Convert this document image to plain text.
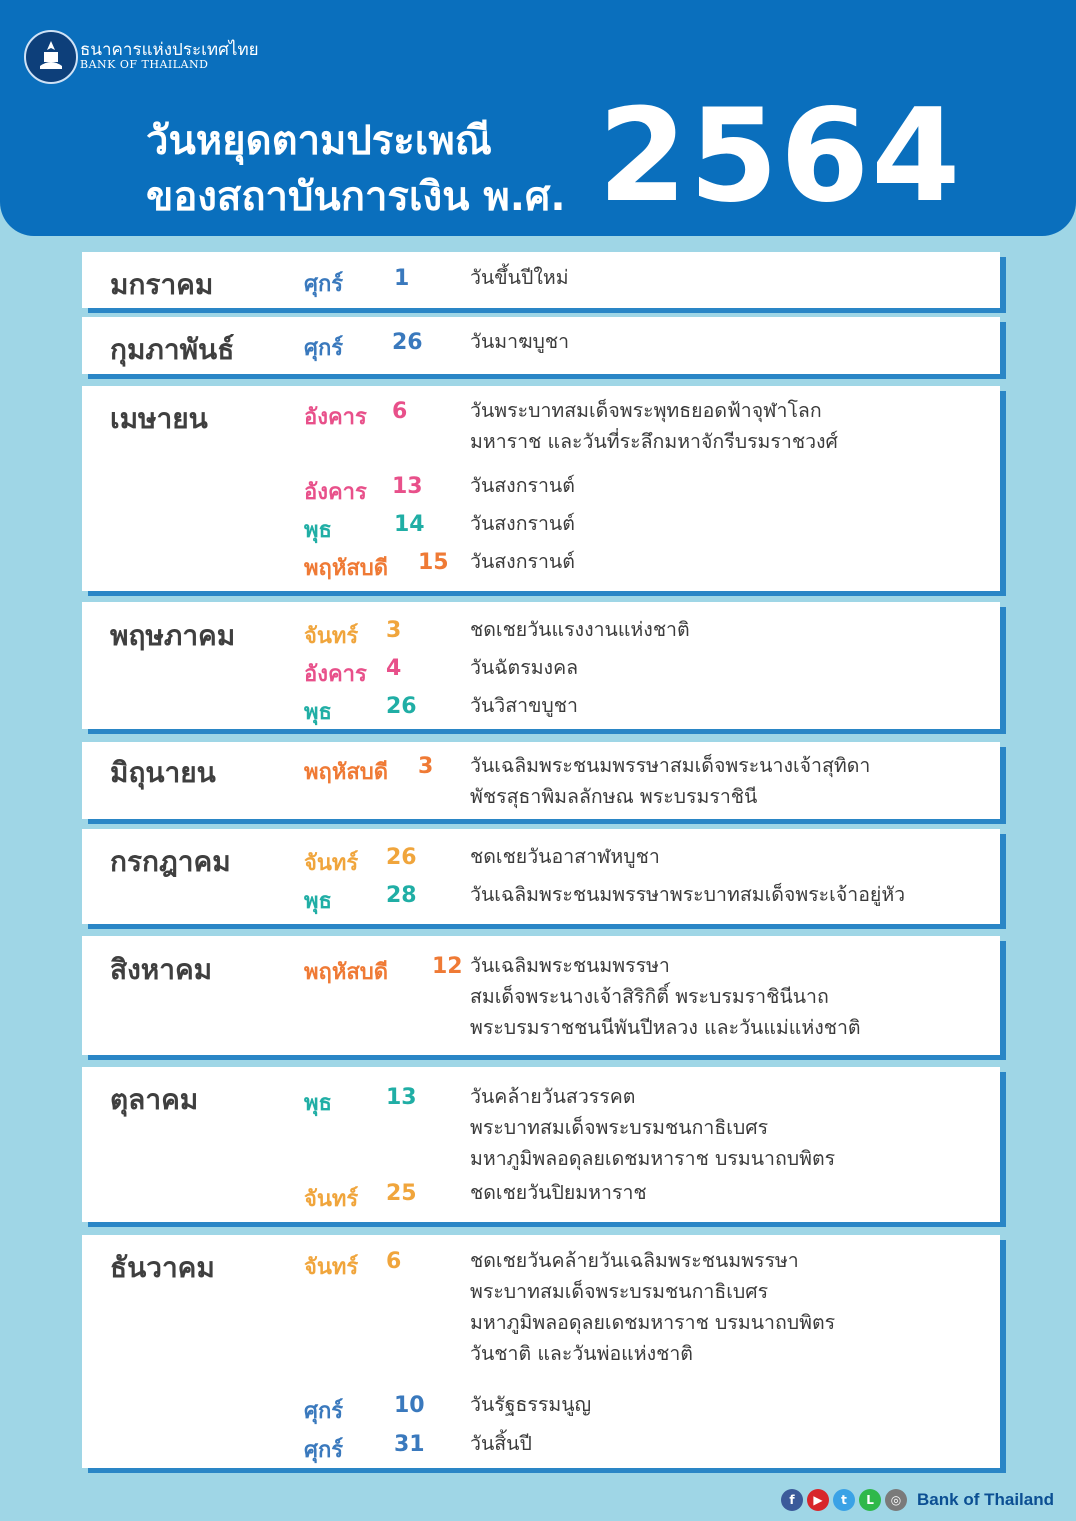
ธนาคารแห่งประเทศไทย
BANK OF THAILAND
วันหยุดตามประเพณี
ของสถาบันการเงิน พ.ศ. 2564
มกราคม	ศุกร์ 1	วันขึ้นปีใหม่
กุมภาพันธ์	ศุกร์ 26 วันมาฆบูชา
เมษายน	อังคาร 6	วันพระบาทสมเด็จพระพุทธยอดฟ้าจุฬาโลก
มหาราช และวันที่ระลึกมหาจักรีบรมราชวงศ์
อังคาร 13 วันสงกรานต์
พุธ	14 วันสงกรานต์
พฤหัสบดี 15 วันสงกรานต์
พฤษภาคม	จันทร์ 3	ชดเชยวันแรงงานแห่งชาติ
อังคาร 4	วันฉัตรมงคล
พุธ 26	วันวิสาขบูชา
มิถุนายน	พฤหัสบดี 3 วันเฉลิมพระชนมพรรษาสมเด็จพระนางเจ้าสุทิดา
พัชรสุธาพิมลลักษณ พระบรมราชินี
กรกฎาคม	จันทร์ 26	ชดเชยวันอาสาฬหบูชา
พุธ 28	วันเฉลิมพระชนมพรรษาพระบาทสมเด็จพระเจ้าอยู่หัว
สิงหาคม	พฤหัสบดี 12 วันเฉลิมพระชนมพรรษา
สมเด็จพระนางเจ้าสิริกิติ์ พระบรมราชินีนาถ
พระบรมราชชนนีพันปีหลวง และวันแม่แห่งชาติ
ตุลาคม	พุธ 13	วันคล้ายวันสวรรคต
พระบาทสมเด็จพระบรมชนกาธิเบศร
มหาภูมิพลอดุลยเดชมหาราช บรมนาถบพิตร
จันทร์ 25	ชดเชยวันปิยมหาราช
ธันวาคม	จันทร์ 6	ชดเชยวันคล้ายวันเฉลิมพระชนมพรรษา
พระบาทสมเด็จพระบรมชนกาธิเบศร
มหาภูมิพลอดุลยเดชมหาราช บรมนาถบพิตร
วันชาติ และวันพ่อแห่งชาติ
ศุกร์ 10 วันรัฐธรรมนูญ
ศุกร์ 31 วันสิ้นปี
f	▶	t	L	◎ Bank of Thailand
